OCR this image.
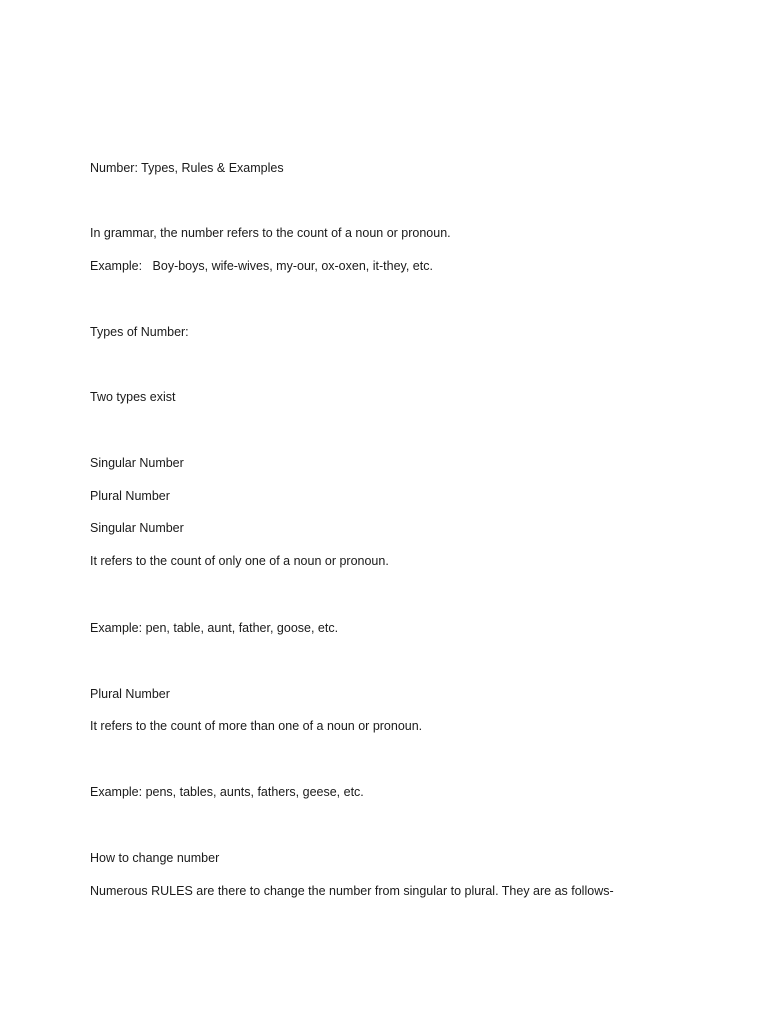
Number: Types, Rules & Examples
In grammar, the number refers to the count of a noun or pronoun.
Example:   Boy-boys, wife-wives, my-our, ox-oxen, it-they, etc.
Types of Number:
Two types exist
Singular Number
Plural Number
Singular Number
It refers to the count of only one of a noun or pronoun.
Example: pen, table, aunt, father, goose, etc.
Plural Number
It refers to the count of more than one of a noun or pronoun.
Example: pens, tables, aunts, fathers, geese, etc.
How to change number
Numerous RULES are there to change the number from singular to plural. They are as follows-
